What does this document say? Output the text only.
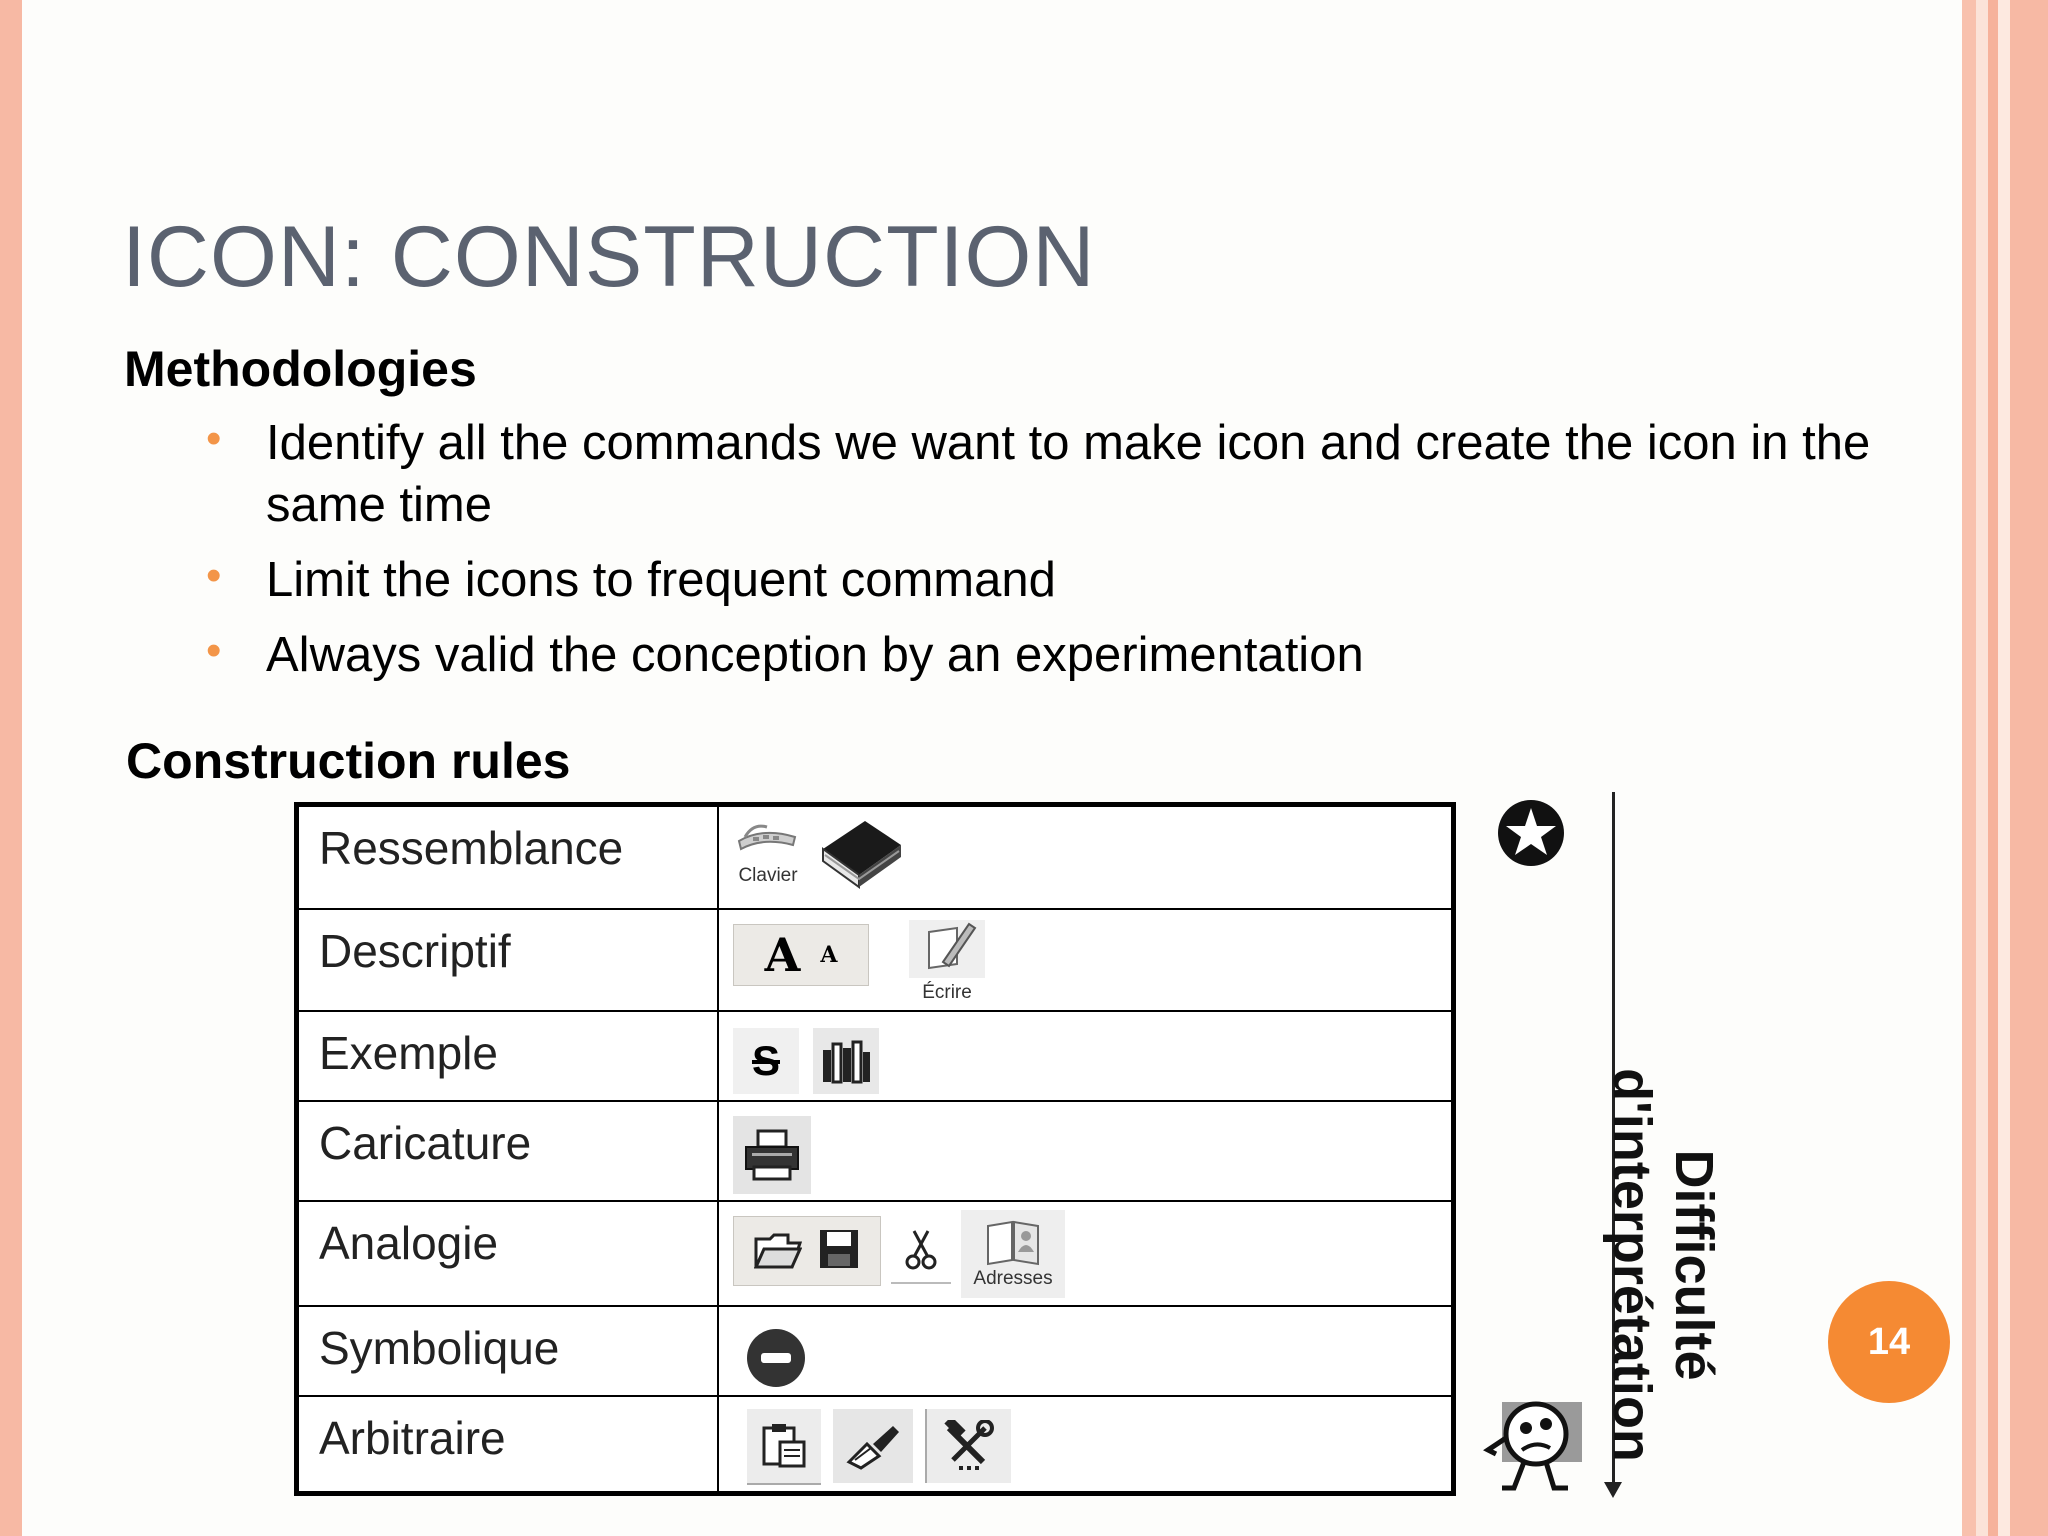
ICON: CONSTRUCTION
Methodologies
• Identify all the commands we want to make icon and create the icon in the same time
• Limit the icons to frequent command
• Always valid the conception by an experimentation
Construction rules
Ressemblance	Clavier

Descriptif	A A
Écrire

Exemple	S

Caricature	

Analogie	Adresses

Symbolique	

Arbitraire	
Difficulté
d'interprétation	14
